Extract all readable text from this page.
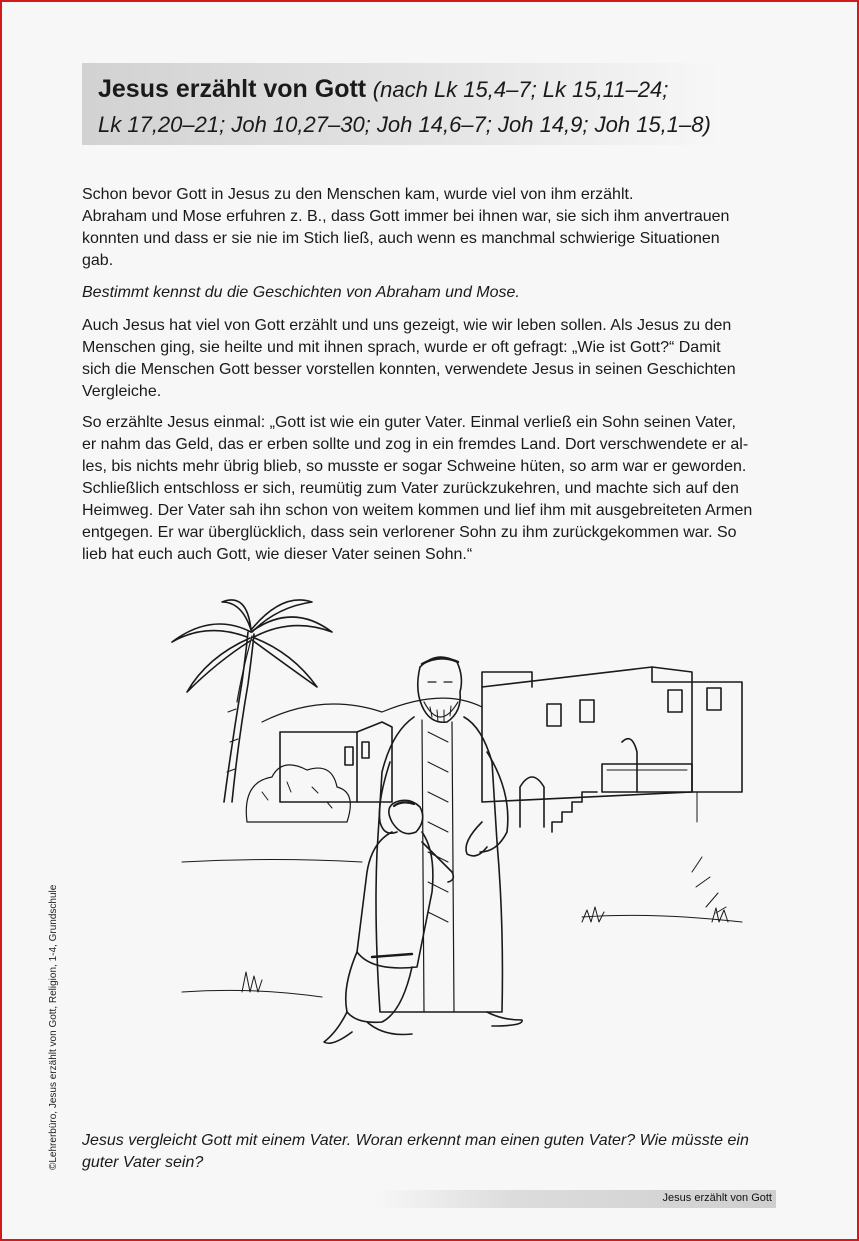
Jesus erzählt von Gott (nach Lk 15,4–7; Lk 15,11–24;
Lk 17,20–21; Joh 10,27–30; Joh 14,6–7; Joh 14,9; Joh 15,1–8)

Schon bevor Gott in Jesus zu den Menschen kam, wurde viel von ihm erzählt.

Abraham und Mose erfuhren z. B., dass Gott immer bei ihnen war, sie sich ihm anvertrauen

konnten und dass er sie nie im Stich ließ, auch wenn es manchmal schwierige Situationen

gab.

Bestimmt kennst du die Geschichten von Abraham und Mose.

Auch Jesus hat viel von Gott erzählt und uns gezeigt, wie wir leben sollen. Als Jesus zu den

Menschen ging, sie heilte und mit ihnen sprach, wurde er oft gefragt: „Wie ist Gott?“ Damit

sich die Menschen Gott besser vorstellen konnten, verwendete Jesus in seinen Geschichten

Vergleiche.

So erzählte Jesus einmal: „Gott ist wie ein guter Vater. Einmal verließ ein Sohn seinen Vater,

er nahm das Geld, das er erben sollte und zog in ein fremdes Land. Dort verschwendete er al-

les, bis nichts mehr übrig blieb, so musste er sogar Schweine hüten, so arm war er geworden.

Schließlich entschloss er sich, reumütig zum Vater zurückzukehren, und machte sich auf den

Heimweg. Der Vater sah ihn schon von weitem kommen und lief ihm mit ausgebreiteten Armen

entgegen. Er war überglücklich, dass sein verlorener Sohn zu ihm zurückgekommen war. So

lieb hat euch auch Gott, wie dieser Vater seinen Sohn.“

Jesus vergleicht Gott mit einem Vater. Woran erkennt man einen guten Vater? Wie müsste ein

guter Vater sein?

©Lehrerbüro, Jesus erzählt von Gott, Religion, 1-4, Grundschule
Jesus erzählt von Gott
